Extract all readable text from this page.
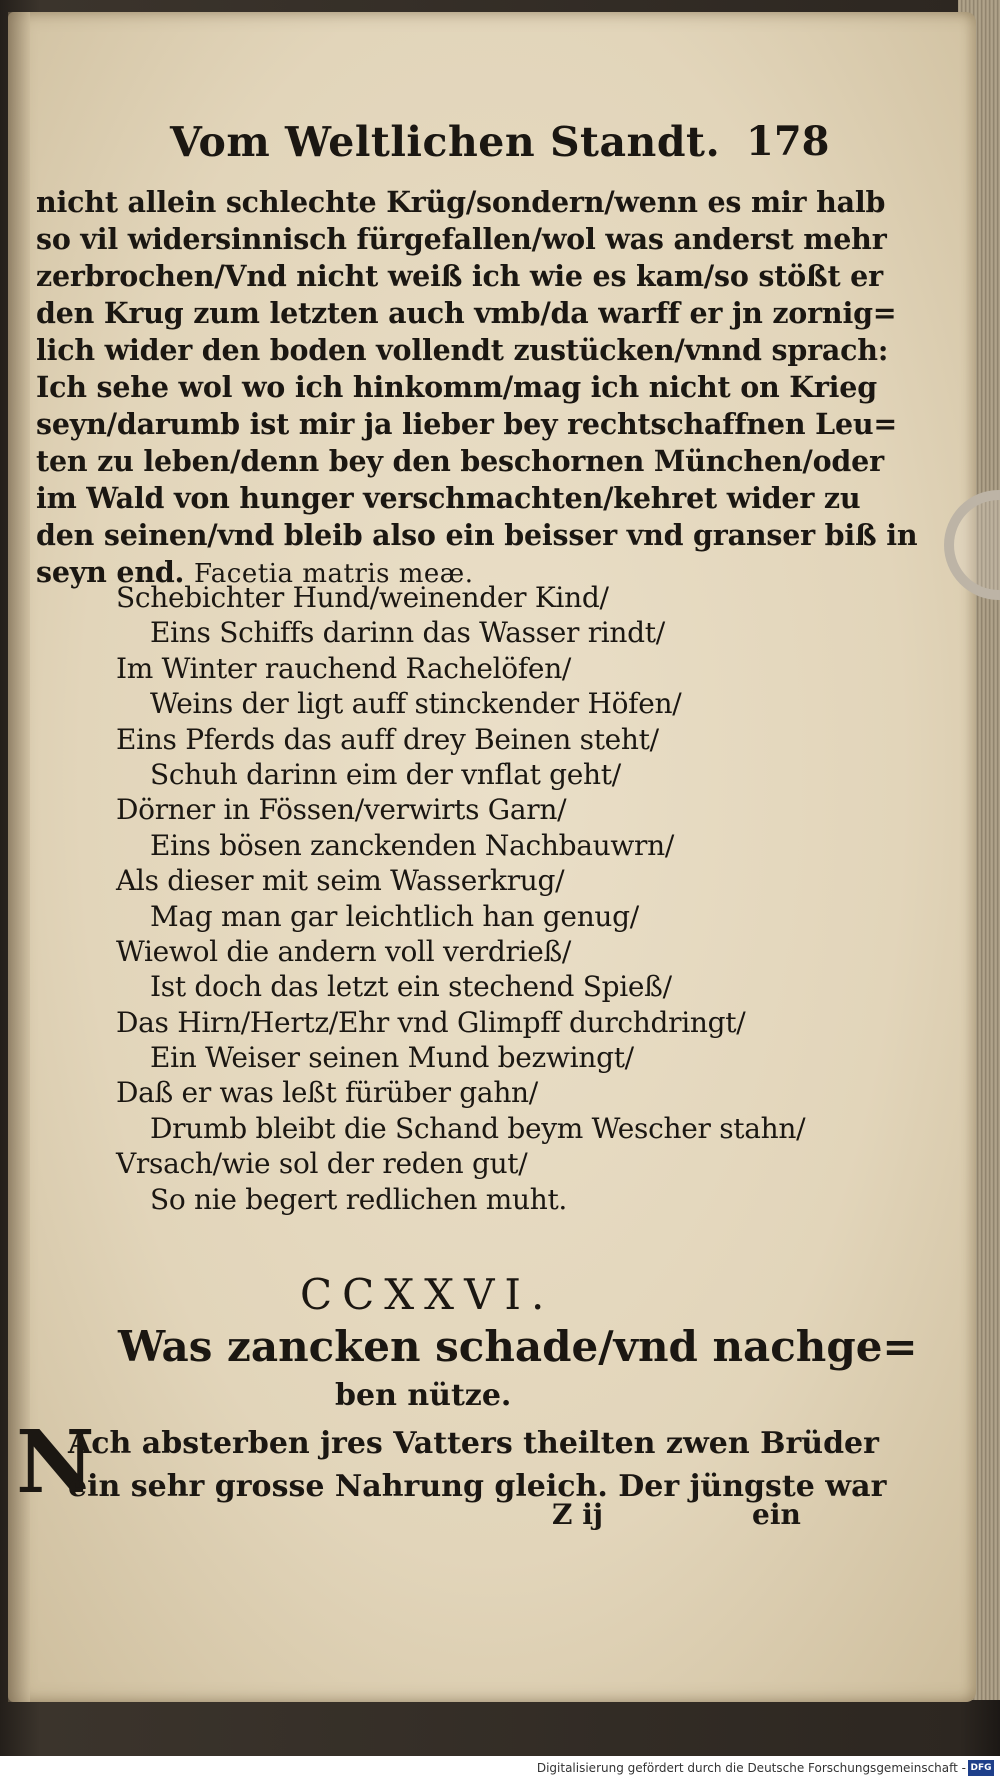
Vom Weltlichen Standt. 178
nicht allein schlechte Krüg/sondern/wenn es mir halb
so vil widersinnisch fürgefallen/wol was anderst mehr
zerbrochen/Vnd nicht weiß ich wie es kam/so stößt er
den Krug zum letzten auch vmb/da warff er jn zornig=
lich wider den boden vollendt zustücken/vnnd sprach:
Ich sehe wol wo ich hinkomm/mag ich nicht on Krieg
seyn/darumb ist mir ja lieber bey rechtschaffnen Leu=
ten zu leben/denn bey den beschornen München/oder
im Wald von hunger verschmachten/kehret wider zu
den seinen/vnd bleib also ein beisser vnd granser biß in
seyn end. Facetia matris meæ.
Schebichter Hund/weinender Kind/
Eins Schiffs darinn das Wasser rindt/
Im Winter rauchend Rachelöfen/
Weins der ligt auff stinckender Höfen/
Eins Pferds das auff drey Beinen steht/
Schuh darinn eim der vnflat geht/
Dörner in Fössen/verwirts Garn/
Eins bösen zanckenden Nachbauwrn/
Als dieser mit seim Wasserkrug/
Mag man gar leichtlich han genug/
Wiewol die andern voll verdrieß/
Ist doch das letzt ein stechend Spieß/
Das Hirn/Hertz/Ehr vnd Glimpff durchdringt/
Ein Weiser seinen Mund bezwingt/
Daß er was leßt fürüber gahn/
Drumb bleibt die Schand beym Wescher stahn/
Vrsach/wie sol der reden gut/
So nie begert redlichen muht.
CCXXVI.
Was zancken schade/vnd nachge=
ben nütze.
N
Ach absterben jres Vatters theilten zwen Brüder
ein sehr grosse Nahrung gleich. Der jüngste war
Z ij	ein
Digitalisierung gefördert durch die Deutsche Forschungsgemeinschaft - DFG
